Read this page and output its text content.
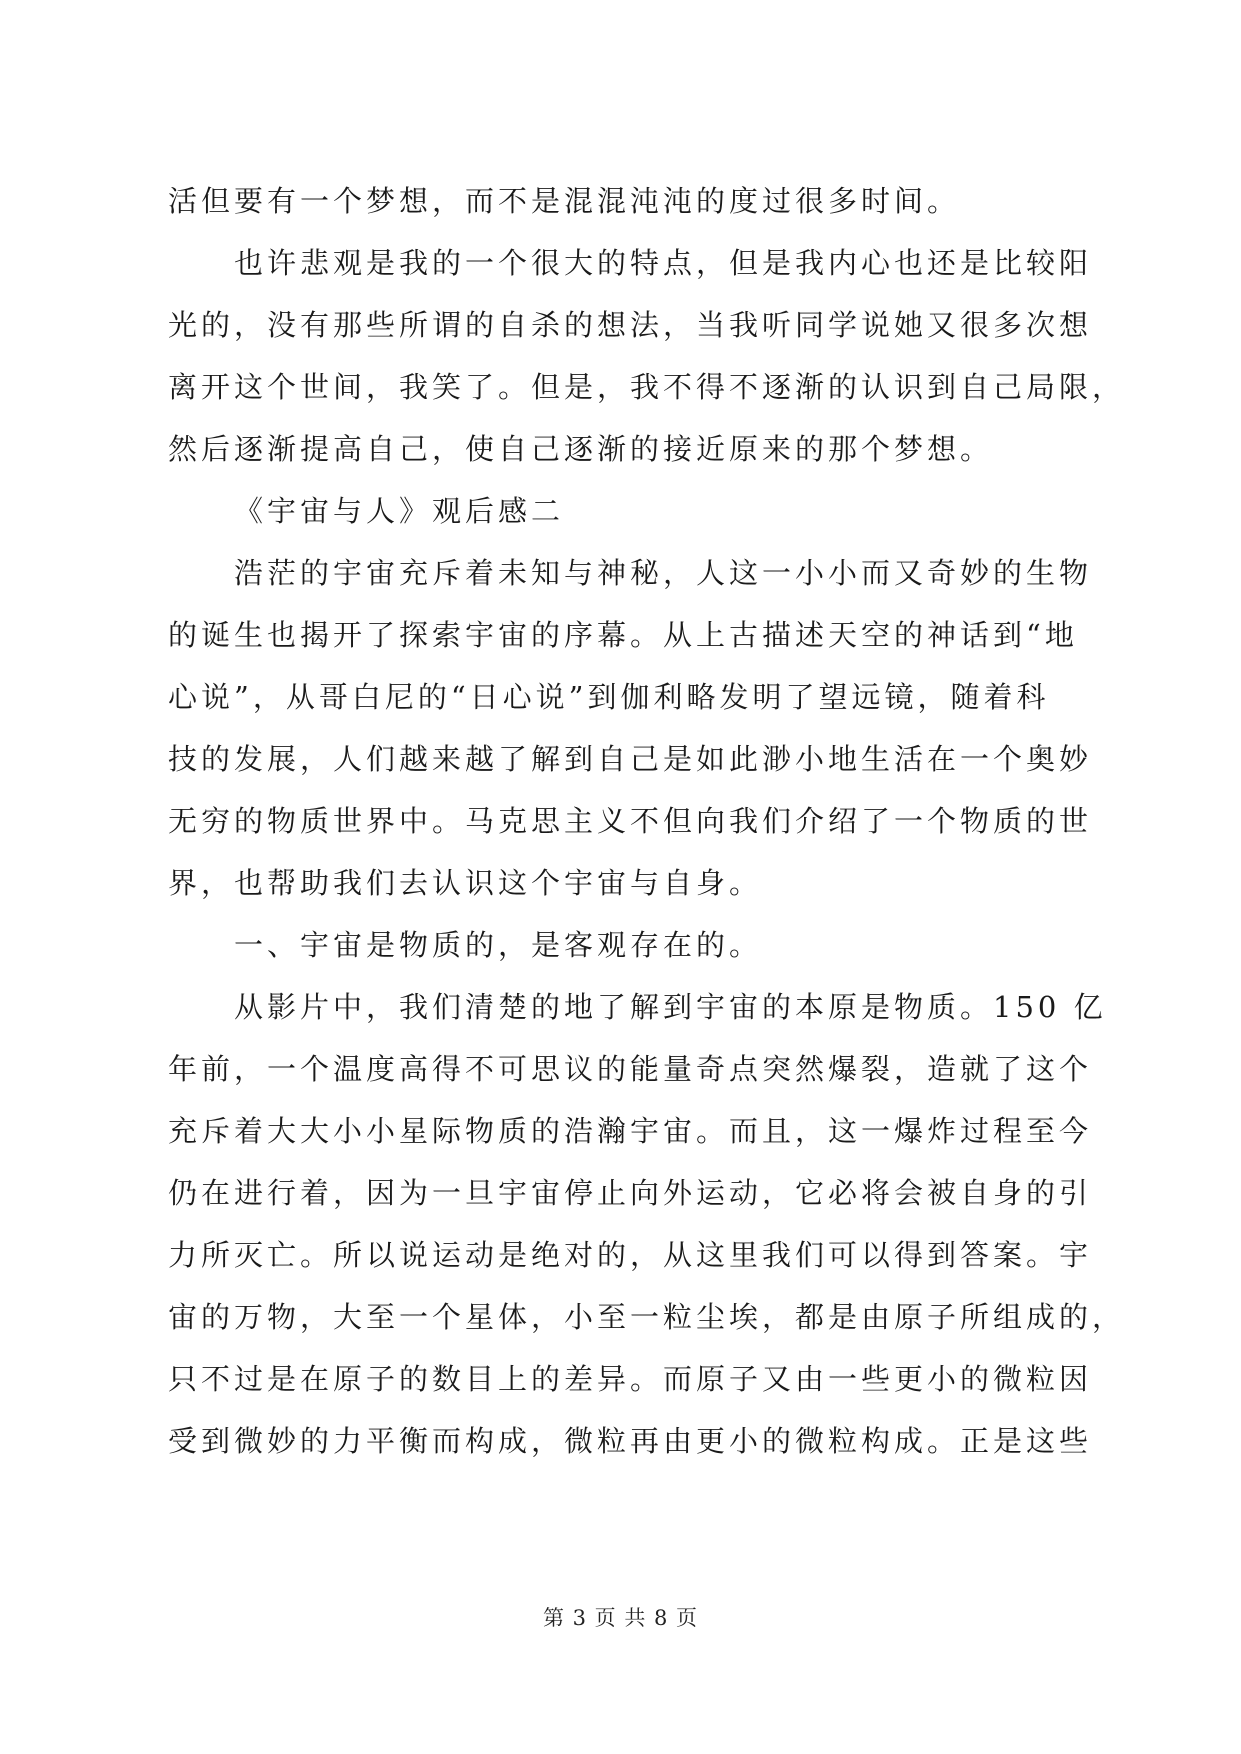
活但要有一个梦想，而不是混混沌沌的度过很多时间。
也许悲观是我的一个很大的特点，但是我内心也还是比较阳
光的，没有那些所谓的自杀的想法，当我听同学说她又很多次想
离开这个世间，我笑了。但是，我不得不逐渐的认识到自己局限，
然后逐渐提高自己，使自己逐渐的接近原来的那个梦想。
《宇宙与人》观后感二
浩茫的宇宙充斥着未知与神秘，人这一小小而又奇妙的生物
的诞生也揭开了探索宇宙的序幕。从上古描述天空的神话到“地
心说”，从哥白尼的“日心说”到伽利略发明了望远镜，随着科
技的发展，人们越来越了解到自己是如此渺小地生活在一个奥妙
无穷的物质世界中。马克思主义不但向我们介绍了一个物质的世
界，也帮助我们去认识这个宇宙与自身。
一、宇宙是物质的，是客观存在的。
从影片中，我们清楚的地了解到宇宙的本原是物质。150 亿
年前，一个温度高得不可思议的能量奇点突然爆裂，造就了这个
充斥着大大小小星际物质的浩瀚宇宙。而且，这一爆炸过程至今
仍在进行着，因为一旦宇宙停止向外运动，它必将会被自身的引
力所灭亡。所以说运动是绝对的，从这里我们可以得到答案。宇
宙的万物，大至一个星体，小至一粒尘埃，都是由原子所组成的，
只不过是在原子的数目上的差异。而原子又由一些更小的微粒因
受到微妙的力平衡而构成，微粒再由更小的微粒构成。正是这些
第 3 页 共 8 页
